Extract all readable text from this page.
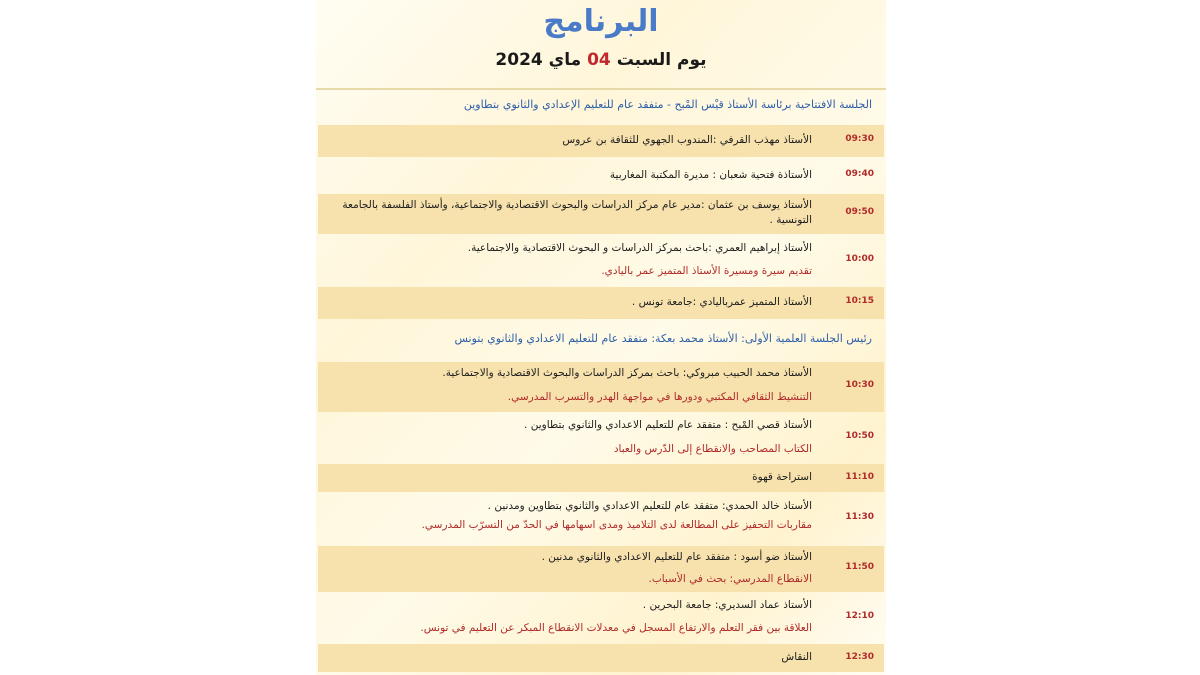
البرنامج
يوم السبت 04 ماي 2024
الجلسة الافتتاحية برئاسة الأستاذ قيْس المْبح - متفقد عام للتعليم الإعدادي والثانوي بتطاوين
09:30
الأستاذ مهذب القرفي :المندوب الجهوي للثقافة بن عروس
09:40
الأستاذة فتحية شعبان : مديرة المكتبة المغاربية
09:50
الأستاذ يوسف بن عثمان :مدير عام مركز الدراسات والبحوث الاقتصادية والاجتماعية، وأستاذ الفلسفة بالجامعة التونسية .
10:00
الأستاذ إبراهيم العمري :باحث بمركز الدراسات و البحوث الاقتصادية والاجتماعية.
تقديم سيرة ومسيرة الأستاذ المتميز عمر باليادي.
10:15
الأستاذ المتميز عمرباليادي :جامعة تونس .
رئيس الجلسة العلمية الأولى: الأستاذ محمد بعكة: متفقد عام للتعليم الاعدادي والثانوي بتونس
10:30
الأستاذ محمد الحبيب مبروكي: باحث بمركز الدراسات والبحوث الاقتصادية والاجتماعية.
التنشيط الثقافي المكتبي ودورها في مواجهة الهدر والتسرب المدرسي.
10:50
الأستاذ قصي المْبح : متفقد عام للتعليم الاعدادي والثانوي بتطاوين .
الكتاب المصاحب والانقطاع إلى الدّرس والعباد
11:10
استراحة قهوة
11:30
الأستاذ خالد الحمدي: متفقد عام للتعليم الاعدادي والثانوي بتطاوين ومدنين .
مقاربات التحفيز على المطالعة لدى التلاميذ ومدى اسهامها في الحدّ من التسرّب المدرسي.
11:50
الأستاذ ضو أسود : متفقد عام للتعليم الاعدادي والثانوي مدنين .
الانقطاع المدرسي: بحث في الأسباب.
12:10
الأستاذ عماد السديري: جامعة البحرين .
العلاقة بين فقر التعلم والارتفاع المسجل في معدلات الانقطاع المبكر عن التعليم في تونس.
12:30
النقاش
